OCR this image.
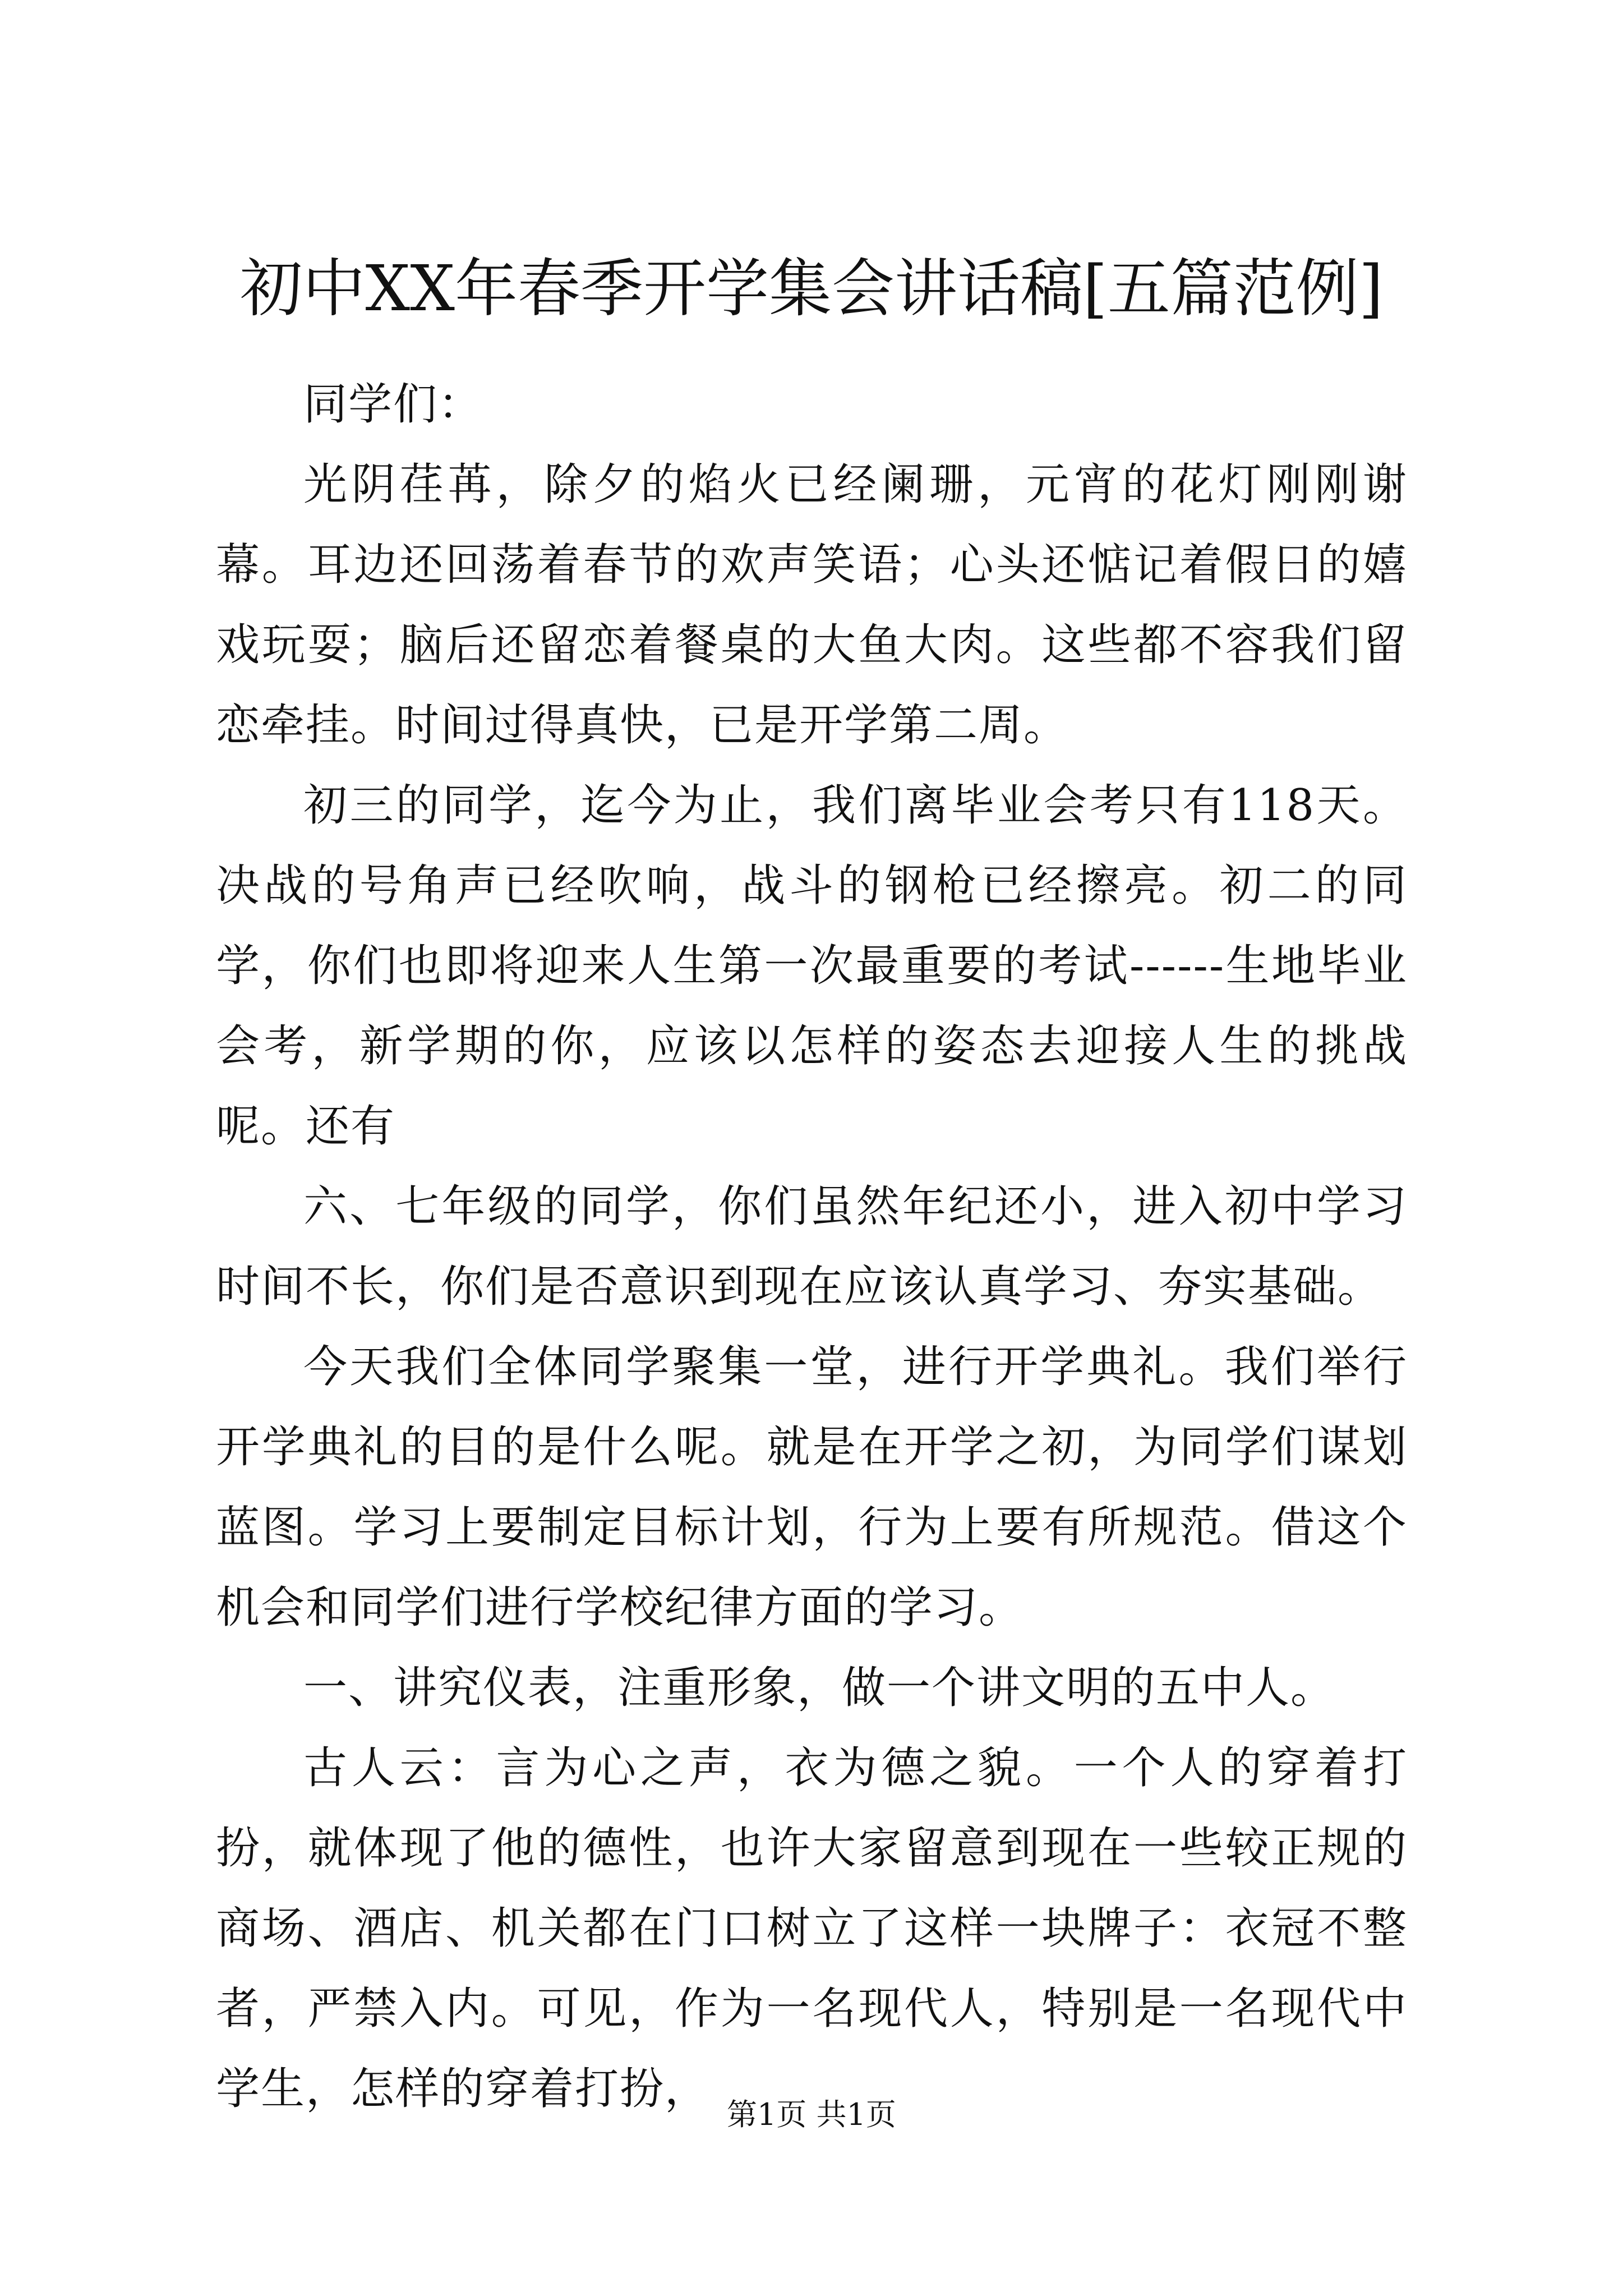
初中XX年春季开学集会讲话稿[五篇范例]

同学们：

光阴荏苒，除夕的焰火已经阑珊，元宵的花灯刚刚谢幕。耳边还回荡着春节的欢声笑语；心头还惦记着假日的嬉戏玩耍；脑后还留恋着餐桌的大鱼大肉。这些都不容我们留恋牵挂。时间过得真快，已是开学第二周。

初三的同学，迄今为止，我们离毕业会考只有118天。决战的号角声已经吹响，战斗的钢枪已经擦亮。初二的同学，你们也即将迎来人生第一次最重要的考试------生地毕业会考，新学期的你，应该以怎样的姿态去迎接人生的挑战呢。还有

六、七年级的同学，你们虽然年纪还小，进入初中学习时间不长，你们是否意识到现在应该认真学习、夯实基础。

今天我们全体同学聚集一堂，进行开学典礼。我们举行开学典礼的目的是什么呢。就是在开学之初，为同学们谋划蓝图。学习上要制定目标计划，行为上要有所规范。借这个机会和同学们进行学校纪律方面的学习。

一、讲究仪表，注重形象，做一个讲文明的五中人。

古人云：言为心之声，衣为德之貌。一个人的穿着打扮，就体现了他的德性，也许大家留意到现在一些较正规的商场、酒店、机关都在门口树立了这样一块牌子：衣冠不整者，严禁入内。可见，作为一名现代人，特别是一名现代中学生，怎样的穿着打扮，

第1页 共1页
